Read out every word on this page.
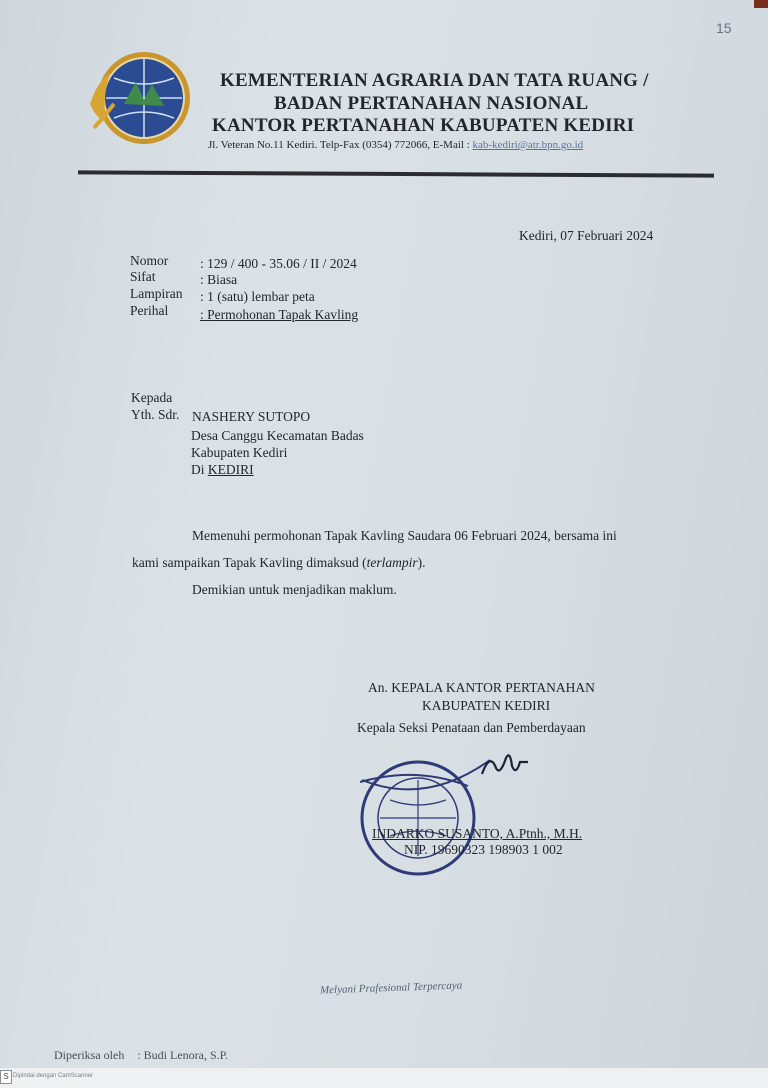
KEMENTERIAN AGRARIA DAN TATA RUANG /
BADAN PERTANAHAN NASIONAL
KANTOR PERTANAHAN KABUPATEN KEDIRI
Jl. Veteran No.11 Kediri. Telp-Fax (0354) 772066, E-Mail : kab-kediri@atr.bpn.go.id
15
Kediri, 07 Februari 2024
Nomor : 129 / 400 - 35.06 / II / 2024
Sifat	: Biasa
Lampiran : 1 (satu) lembar peta
Perihal : Permohonan Tapak Kavling
Kepada
Yth. Sdr. NASHERY SUTOPO
Desa Canggu Kecamatan Badas
Kabupaten Kediri
Di KEDIRI
Memenuhi permohonan Tapak Kavling Saudara 06 Februari 2024, bersama ini
kami sampaikan Tapak Kavling dimaksud (terlampir).
Demikian untuk menjadikan maklum.
An. KEPALA KANTOR PERTANAHAN
KABUPATEN KEDIRI
Kepala Seksi Penataan dan Pemberdayaan
INDARKO SUSANTO, A.Ptnh., M.H.
NIP. 19690323 198903 1 002
Melyani Prafesional Terpercaya
Diperiksa oleh : Budi Lenora, S.P.
S Dipindai dengan CamScanner
